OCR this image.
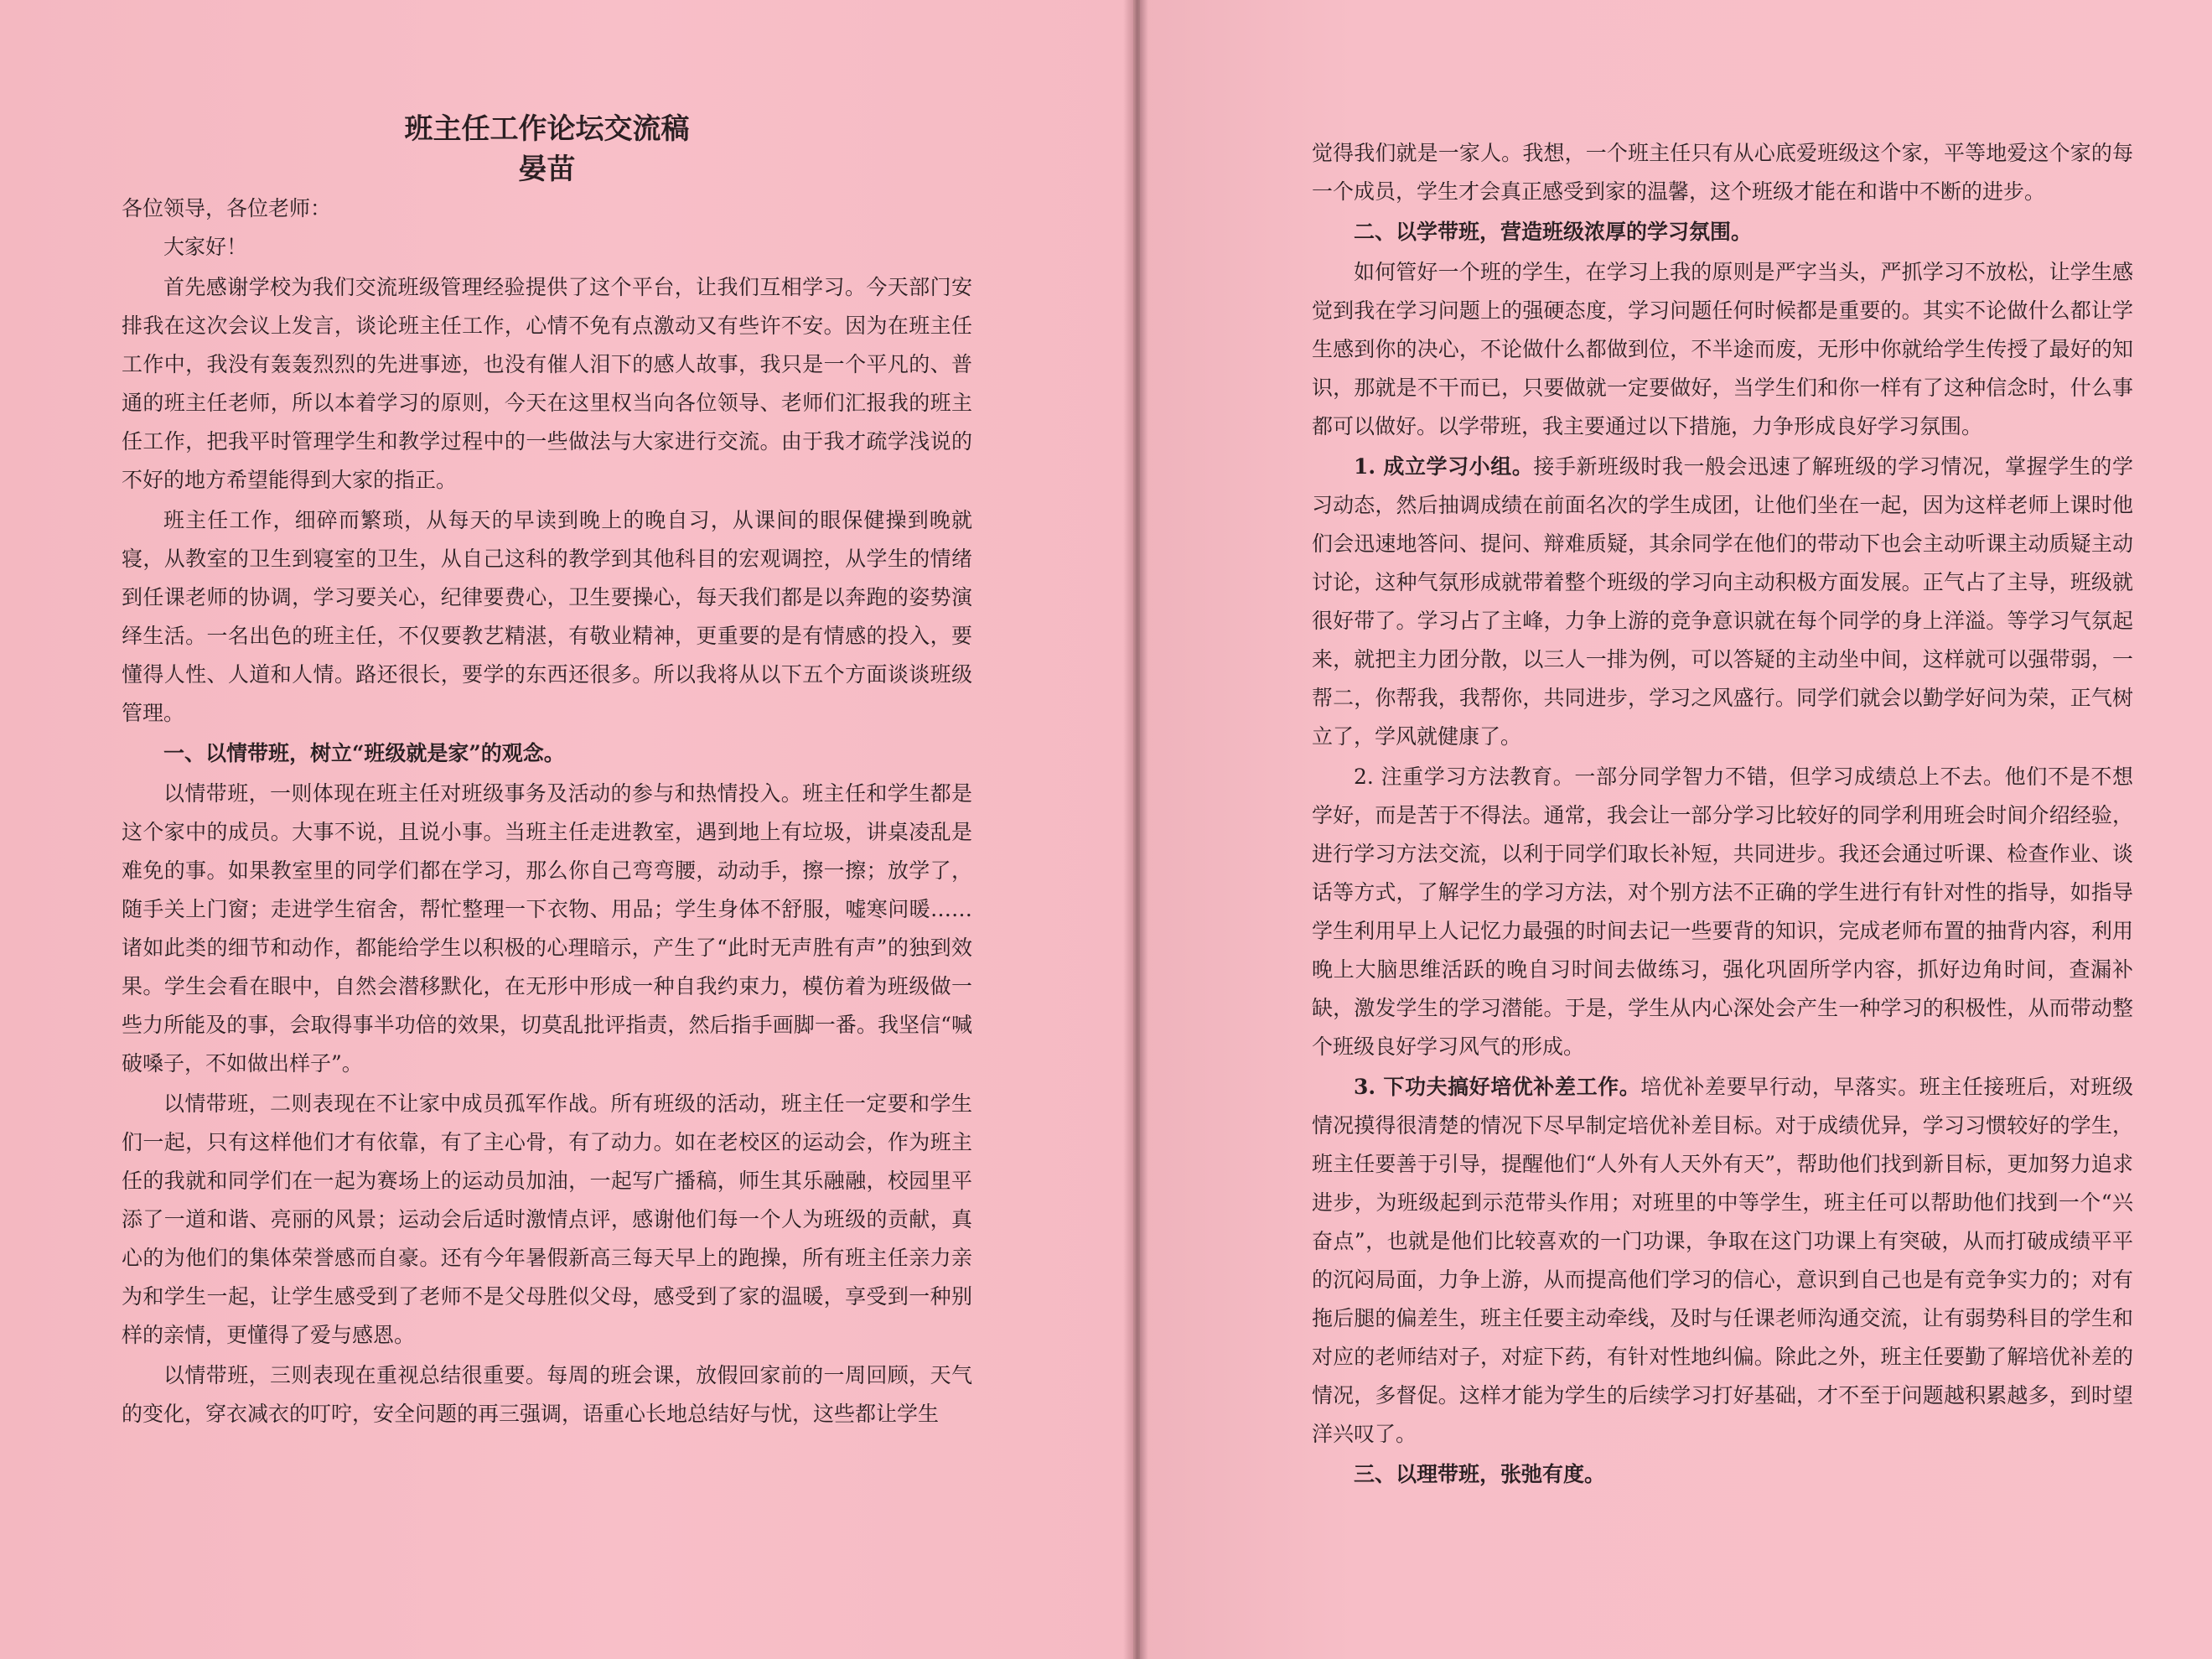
班主任工作论坛交流稿

晏苗

各位领导，各位老师：

大家好！

首先感谢学校为我们交流班级管理经验提供了这个平台，让我们互相学习。今天部门安排我在这次会议上发言，谈论班主任工作，心情不免有点激动又有些许不安。因为在班主任工作中，我没有轰轰烈烈的先进事迹，也没有催人泪下的感人故事，我只是一个平凡的、普通的班主任老师，所以本着学习的原则，今天在这里权当向各位领导、老师们汇报我的班主任工作，把我平时管理学生和教学过程中的一些做法与大家进行交流。由于我才疏学浅说的不好的地方希望能得到大家的指正。

班主任工作，细碎而繁琐，从每天的早读到晚上的晚自习，从课间的眼保健操到晚就寝，从教室的卫生到寝室的卫生，从自己这科的教学到其他科目的宏观调控，从学生的情绪到任课老师的协调，学习要关心，纪律要费心，卫生要操心，每天我们都是以奔跑的姿势演绎生活。一名出色的班主任，不仅要教艺精湛，有敬业精神，更重要的是有情感的投入，要懂得人性、人道和人情。路还很长，要学的东西还很多。所以我将从以下五个方面谈谈班级管理。

一、以情带班，树立“班级就是家”的观念。

以情带班，一则体现在班主任对班级事务及活动的参与和热情投入。班主任和学生都是这个家中的成员。大事不说，且说小事。当班主任走进教室，遇到地上有垃圾，讲桌凌乱是难免的事。如果教室里的同学们都在学习，那么你自己弯弯腰，动动手，擦一擦；放学了，随手关上门窗；走进学生宿舍，帮忙整理一下衣物、用品；学生身体不舒服，嘘寒问暖……诸如此类的细节和动作，都能给学生以积极的心理暗示，产生了“此时无声胜有声”的独到效果。学生会看在眼中，自然会潜移默化，在无形中形成一种自我约束力，模仿着为班级做一些力所能及的事，会取得事半功倍的效果，切莫乱批评指责，然后指手画脚一番。我坚信“喊破嗓子，不如做出样子”。

以情带班，二则表现在不让家中成员孤军作战。所有班级的活动，班主任一定要和学生们一起，只有这样他们才有依靠，有了主心骨，有了动力。如在老校区的运动会，作为班主任的我就和同学们在一起为赛场上的运动员加油，一起写广播稿，师生其乐融融，校园里平添了一道和谐、亮丽的风景；运动会后适时激情点评，感谢他们每一个人为班级的贡献，真心的为他们的集体荣誉感而自豪。还有今年暑假新高三每天早上的跑操，所有班主任亲力亲为和学生一起，让学生感受到了老师不是父母胜似父母，感受到了家的温暖，享受到一种别样的亲情，更懂得了爱与感恩。

以情带班，三则表现在重视总结很重要。每周的班会课，放假回家前的一周回顾，天气的变化，穿衣减衣的叮咛，安全问题的再三强调，语重心长地总结好与忧，这些都让学生

觉得我们就是一家人。我想，一个班主任只有从心底爱班级这个家，平等地爱这个家的每一个成员，学生才会真正感受到家的温馨，这个班级才能在和谐中不断的进步。

二、以学带班，营造班级浓厚的学习氛围。

如何管好一个班的学生，在学习上我的原则是严字当头，严抓学习不放松，让学生感觉到我在学习问题上的强硬态度，学习问题任何时候都是重要的。其实不论做什么都让学生感到你的决心，不论做什么都做到位，不半途而废，无形中你就给学生传授了最好的知识，那就是不干而已，只要做就一定要做好，当学生们和你一样有了这种信念时，什么事都可以做好。以学带班，我主要通过以下措施，力争形成良好学习氛围。

1. 成立学习小组。接手新班级时我一般会迅速了解班级的学习情况，掌握学生的学习动态，然后抽调成绩在前面名次的学生成团，让他们坐在一起，因为这样老师上课时他们会迅速地答问、提问、辩难质疑，其余同学在他们的带动下也会主动听课主动质疑主动讨论，这种气氛形成就带着整个班级的学习向主动积极方面发展。正气占了主导，班级就很好带了。学习占了主峰，力争上游的竞争意识就在每个同学的身上洋溢。等学习气氛起来，就把主力团分散，以三人一排为例，可以答疑的主动坐中间，这样就可以强带弱，一帮二，你帮我，我帮你，共同进步，学习之风盛行。同学们就会以勤学好问为荣，正气树立了，学风就健康了。

2. 注重学习方法教育。一部分同学智力不错，但学习成绩总上不去。他们不是不想学好，而是苦于不得法。通常，我会让一部分学习比较好的同学利用班会时间介绍经验，进行学习方法交流，以利于同学们取长补短，共同进步。我还会通过听课、检查作业、谈话等方式，了解学生的学习方法，对个别方法不正确的学生进行有针对性的指导，如指导学生利用早上人记忆力最强的时间去记一些要背的知识，完成老师布置的抽背内容，利用晚上大脑思维活跃的晚自习时间去做练习，强化巩固所学内容，抓好边角时间，查漏补缺，激发学生的学习潜能。于是，学生从内心深处会产生一种学习的积极性，从而带动整个班级良好学习风气的形成。

3. 下功夫搞好培优补差工作。培优补差要早行动，早落实。班主任接班后，对班级情况摸得很清楚的情况下尽早制定培优补差目标。对于成绩优异，学习习惯较好的学生，班主任要善于引导，提醒他们“人外有人天外有天”，帮助他们找到新目标，更加努力追求进步，为班级起到示范带头作用；对班里的中等学生，班主任可以帮助他们找到一个“兴奋点”，也就是他们比较喜欢的一门功课，争取在这门功课上有突破，从而打破成绩平平的沉闷局面，力争上游，从而提高他们学习的信心，意识到自己也是有竞争实力的；对有拖后腿的偏差生，班主任要主动牵线，及时与任课老师沟通交流，让有弱势科目的学生和对应的老师结对子，对症下药，有针对性地纠偏。除此之外，班主任要勤了解培优补差的情况，多督促。这样才能为学生的后续学习打好基础，才不至于问题越积累越多，到时望洋兴叹了。

三、以理带班，张弛有度。
